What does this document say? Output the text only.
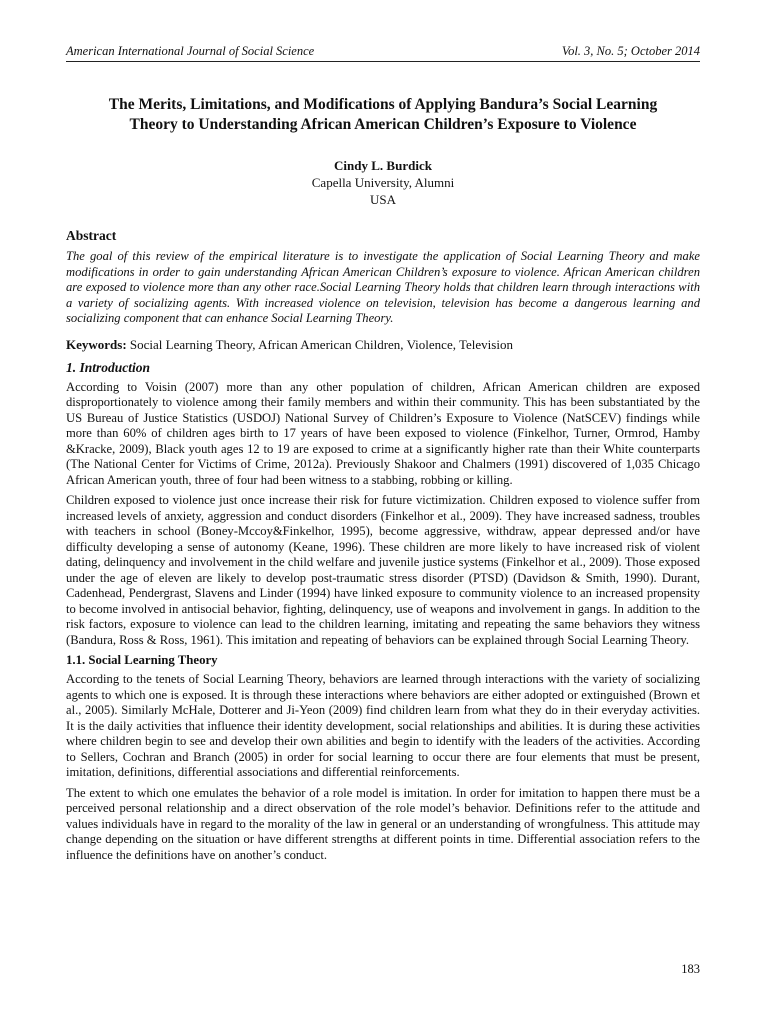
American International Journal of Social Science	Vol. 3, No. 5; October 2014
The Merits, Limitations, and Modifications of Applying Bandura’s Social Learning
Theory to Understanding African American Children’s Exposure to Violence
Cindy L. Burdick
Capella University, Alumni
USA
Abstract
The goal of this review of the empirical literature is to investigate the application of Social Learning Theory and make modifications in order to gain understanding African American Children’s exposure to violence. African American children are exposed to violence more than any other race.Social Learning Theory holds that children learn through interactions with a variety of socializing agents. With increased violence on television, television has become a dangerous learning and socializing component that can enhance Social Learning Theory.
Keywords: Social Learning Theory, African American Children, Violence, Television
1. Introduction
According to Voisin (2007) more than any other population of children, African American children are exposed disproportionately to violence among their family members and within their community. This has been substantiated by the US Bureau of Justice Statistics (USDOJ) National Survey of Children’s Exposure to Violence (NatSCEV) findings while more than 60% of children ages birth to 17 years of have been exposed to violence (Finkelhor, Turner, Ormrod, Hamby &Kracke, 2009), Black youth ages 12 to 19 are exposed to crime at a significantly higher rate than their White counterparts (The National Center for Victims of Crime, 2012a). Previously Shakoor and Chalmers (1991) discovered of 1,035 Chicago African American youth, three of four had been witness to a stabbing, robbing or killing.
Children exposed to violence just once increase their risk for future victimization. Children exposed to violence suffer from increased levels of anxiety, aggression and conduct disorders (Finkelhor et al., 2009). They have increased sadness, troubles with teachers in school (Boney-Mccoy&Finkelhor, 1995), become aggressive, withdraw, appear depressed and/or have difficulty developing a sense of autonomy (Keane, 1996). These children are more likely to have increased risk of violent dating, delinquency and involvement in the child welfare and juvenile justice systems (Finkelhor et al., 2009). Those exposed under the age of eleven are likely to develop post-traumatic stress disorder (PTSD) (Davidson & Smith, 1990). Durant, Cadenhead, Pendergrast, Slavens and Linder (1994) have linked exposure to community violence to an increased propensity to become involved in antisocial behavior, fighting, delinquency, use of weapons and involvement in gangs. In addition to the risk factors, exposure to violence can lead to the children learning, imitating and repeating the same behaviors they witness (Bandura, Ross & Ross, 1961). This imitation and repeating of behaviors can be explained through Social Learning Theory.
1.1. Social Learning Theory
According to the tenets of Social Learning Theory, behaviors are learned through interactions with the variety of socializing agents to which one is exposed. It is through these interactions where behaviors are either adopted or extinguished (Brown et al., 2005). Similarly McHale, Dotterer and Ji-Yeon (2009) find children learn from what they do in their everyday activities. It is the daily activities that influence their identity development, social relationships and abilities. It is during these activities where children begin to see and develop their own abilities and begin to identify with the leaders of the activities. According to Sellers, Cochran and Branch (2005) in order for social learning to occur there are four elements that must be present, imitation, definitions, differential associations and differential reinforcements.
The extent to which one emulates the behavior of a role model is imitation. In order for imitation to happen there must be a perceived personal relationship and a direct observation of the role model’s behavior. Definitions refer to the attitude and values individuals have in regard to the morality of the law in general or an understanding of wrongfulness. This attitude may change depending on the situation or have different strengths at different points in time. Differential association refers to the influence the definitions have on another’s conduct.
183
